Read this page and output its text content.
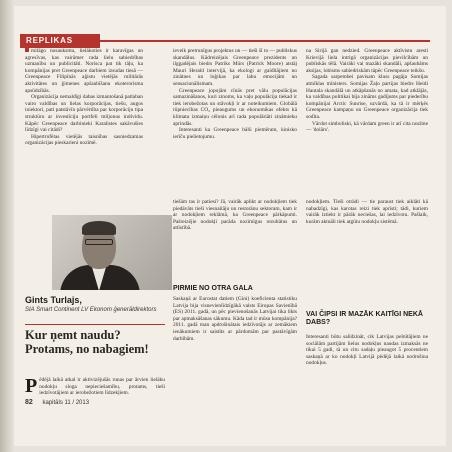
REPLIKAS

milāgo nosauksmu, lielākoties ir karavīgas un agresīvas, kas vairāmer rada lielu sabiedrības uzmanību un publicitāti. Norisca pat tik tāļu, ka kompānijas pret Greenpeace darbiem izsudas tiesā — Greenpeace Filipīnās aģistu vietējās militārās aktivitātes un ģimenes apšaubīšanu ekoterorisma apsūdzībās.

Organizācija nemaldīgi dabas izmantošanā patlaban vairo valdības un lielas korporācijas, tiešu, augos iniektori, pati patstāvīn pārvērtība par korporāciju tipa struktūru ar investīciju portfeli miljonus individu. Kāpēc Greenpeace darbinieki Karalistes sakāvušies līdzīgi vai citādi?

Hipertrofētas vietējās taisnības sasniedzamas organizācijas pieskarieni nozīmē.

ievelk pretrunīgus projektus un — tieši šī to — publiskus skandālus. Kādreizējais Greenpeace prezidents un ilggadējais biedrs Patriks Mūrs (Patrick Moore) atstāj Mauri Herald intervijā, ka ekologi ar gaidītājiem no zinātnes un loģikas par labu emocijām un sensacionālismam.

Greenpeace jopojām cīnās pret vālu populācijas samazināšanos, kuri zinoms, ka vaļu populācija tiekad ir tiek ierobežotas un stāvokļi ir ar noteikumiem. Globālā rūpniecības CO₂ pieaugums un ekonomikas efekts kā klimata izmaiņu cēlonis arī rada populāriāti zinātnieku aprindās.

Interesanti ka Greenpeace bālū piemēram, kinisko ierīču pielietojumu.

na Sirijā gan nedzied. Greenpeace aktīvistu aresti Krievijā liela intrigā organizācijas pievilcībām un publiskās tēlā. Vairāki vai mazāki skandāli, apšaubāms aksijas, lobisms sabiedriskām tāpēc Greenpeace teikšu.

Sagada sarpembei pavisam kluss pagāja Somijas atmīklas mīnisters. Somijas Žaļo partijas biedrs Heidi Hautala skandālā un atkāpšanās no amata, kad atklājās, ka valdības politikai bija zināms gadījums par piederību kompānijai Arctic Sunrise, uzvārdā, ka tā ir mērķēs Greenpeace kampaņu un Greenpeace organizācija tiek sodīta.

Vārdot simboliski, kā vārdam green ir arī cita nozīme — 'dolārs'.

Gints Turlajs,
SIA Smart Continent LV Ekonom ģenerāldirektors
Kur ņemt naudu? Protams, no nabagiem!
Pēdējā laikā atkal ir aktivizējušās runas par ārvien lielāku nodokļu sloga nepieciešamību, protams, tieši iedzīvotājiem ar ierobežotiem līdzekļiem.

tiešām tas ir patiesi? Jā, vairāk aplikt ar nodokļiem tiek piedāvāts tieši viesnaītāju un restorānu sektoram, kam ir ar nodokļiem reklāmā, ka Greenpeace pārkāpumi. Pašreizējie nodokļi parāda nozīmīgus rezultātus un attīstībā.

PIRMIE NO OTRA GALA

Saskaņā ar Eurostat datiem (Gini) koeficienta statistiku Latvija bija visnevienlīdzīgākā valsts Eiropas Savienībā (ES) 2011. gadā, un pēc pievienošanās Latvijai tika likts par apmaksāšanas sākumu. Kāda tad ir mūsu kompānija? 2011. gadā man apdrošinātais iedzīvotājs ar zemākiem ienākumiem ir saistīts ar pārdomām par pastāvīgām darbībām.

nodokļiem. Tieši otrādi — tie paraust tiek aiklāti kā nabadzīgi, kas karotas reizi tiek aprīsti; tādi, kuriem vairāk iztiekt ir pārāk neciešas, lai iedzīvotu. Pašlaik, kurām aktuāli tiek atgūtu nodokļu sistēmā.

VAI ČIPSI IR MAZĀK KAITĪGI NEKĀ DABS?

Interesanti būtu salīdzināt, cik Latvijas pelnītājiem ne sociālām partijām lielus nodokļus naudas izmaksās ne tikai 5 gadi, tā un citu sadaļu pieaugot 5 procentiem saskaņā ar ko nodokļi Latvijā pēdējā laikā nodrošina nodokļus.

82 kapitāls 11 / 2013
